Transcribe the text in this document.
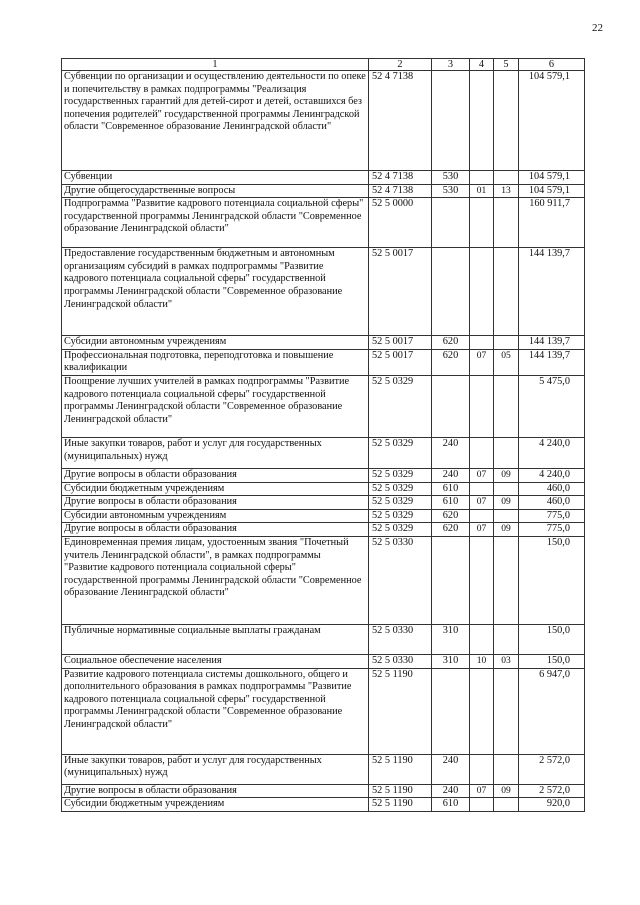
22
1	2	3	4	5	6
Субвенции по организации и осуществлению деятельности по опеке и попечительству в рамках подпрограммы "Реализация государственных гарантий для детей-сирот и детей, оставшихся без попечения родителей" государственной программы Ленинградской области "Современное образование Ленинградской области"	52 4 7138				104 579,1
Субвенции	52 4 7138	530			104 579,1
Другие общегосударственные вопросы	52 4 7138	530	01	13	104 579,1
Подпрограмма "Развитие кадрового потенциала социальной сферы" государственной программы Ленинградской области "Современное образование Ленинградской области"	52 5 0000				160 911,7
Предоставление государственным бюджетным и автономным организациям субсидий в рамках подпрограммы "Развитие кадрового потенциала социальной сферы" государственной программы Ленинградской области "Современное образование Ленинградской области"	52 5 0017				144 139,7
Субсидии автономным учреждениям	52 5 0017	620			144 139,7
Профессиональная подготовка, переподготовка и повышение квалификации	52 5 0017	620	07	05	144 139,7
Поощрение лучших учителей в рамках подпрограммы "Развитие кадрового потенциала социальной сферы" государственной программы Ленинградской области "Современное образование Ленинградской области"	52 5 0329				5 475,0
Иные закупки товаров, работ и услуг для государственных (муниципальных) нужд	52 5 0329	240			4 240,0
Другие вопросы в области образования	52 5 0329	240	07	09	4 240,0
Субсидии бюджетным учреждениям	52 5 0329	610			460,0
Другие вопросы в области образования	52 5 0329	610	07	09	460,0
Субсидии автономным учреждениям	52 5 0329	620			775,0
Другие вопросы в области образования	52 5 0329	620	07	09	775,0
Единовременная премия лицам, удостоенным звания "Почетный учитель Ленинградской области", в рамках подпрограммы "Развитие кадрового потенциала социальной сферы" государственной программы Ленинградской области "Современное образование Ленинградской области"	52 5 0330				150,0
Публичные нормативные социальные выплаты гражданам	52 5 0330	310			150,0
Социальное обеспечение населения	52 5 0330	310	10	03	150,0
Развитие кадрового потенциала системы дошкольного, общего и дополнительного образования в рамках подпрограммы "Развитие кадрового потенциала социальной сферы" государственной программы Ленинградской области "Современное образование Ленинградской области"	52 5 1190				6 947,0
Иные закупки товаров, работ и услуг для государственных (муниципальных) нужд	52 5 1190	240			2 572,0
Другие вопросы в области образования	52 5 1190	240	07	09	2 572,0
Субсидии бюджетным учреждениям	52 5 1190	610			920,0
